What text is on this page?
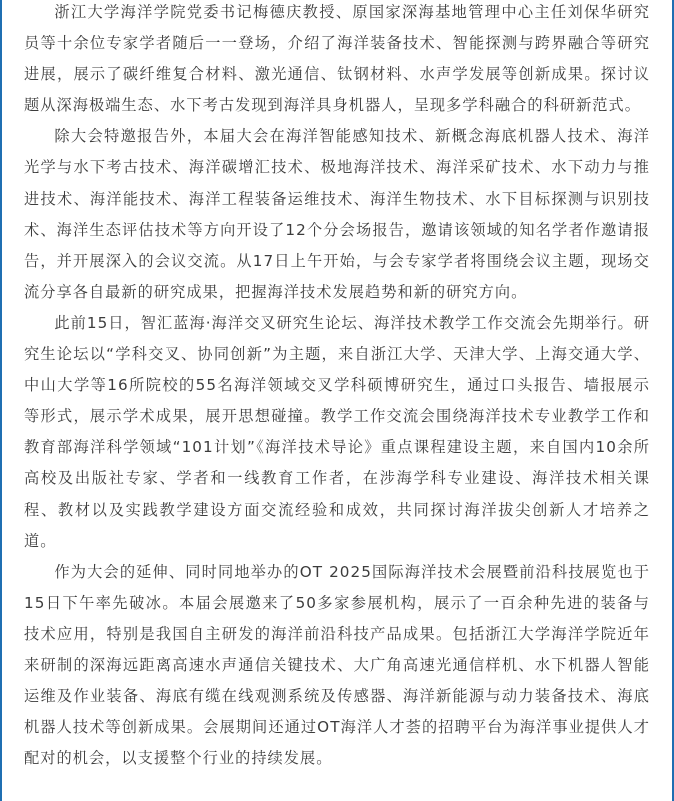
浙江大学海洋学院党委书记梅德庆教授、原国家深海基地管理中心主任刘保华研究员等十余位专家学者随后一一登场，介绍了海洋装备技术、智能探测与跨界融合等研究进展，展示了碳纤维复合材料、激光通信、钛钢材料、水声学发展等创新成果。探讨议题从深海极端生态、水下考古发现到海洋具身机器人，呈现多学科融合的科研新范式。

除大会特邀报告外，本届大会在海洋智能感知技术、新概念海底机器人技术、海洋光学与水下考古技术、海洋碳增汇技术、极地海洋技术、海洋采矿技术、水下动力与推进技术、海洋能技术、海洋工程装备运维技术、海洋生物技术、水下目标探测与识别技术、海洋生态评估技术等方向开设了12个分会场报告，邀请该领域的知名学者作邀请报告，并开展深入的会议交流。从17日上午开始，与会专家学者将围绕会议主题，现场交流分享各自最新的研究成果，把握海洋技术发展趋势和新的研究方向。

此前15日，智汇蓝海·海洋交叉研究生论坛、海洋技术教学工作交流会先期举行。研究生论坛以“学科交叉、协同创新”为主题，来自浙江大学、天津大学、上海交通大学、中山大学等16所院校的55名海洋领域交叉学科硕博研究生，通过口头报告、墙报展示等形式，展示学术成果，展开思想碰撞。教学工作交流会围绕海洋技术专业教学工作和教育部海洋科学领域“101计划”《海洋技术导论》重点课程建设主题，来自国内10余所高校及出版社专家、学者和一线教育工作者，在涉海学科专业建设、海洋技术相关课程、教材以及实践教学建设方面交流经验和成效，共同探讨海洋拔尖创新人才培养之道。

作为大会的延伸、同时同地举办的OT 2025国际海洋技术会展暨前沿科技展览也于15日下午率先破冰。本届会展邀来了50多家参展机构，展示了一百余种先进的装备与技术应用，特别是我国自主研发的海洋前沿科技产品成果。包括浙江大学海洋学院近年来研制的深海远距离高速水声通信关键技术、大广角高速光通信样机、水下机器人智能运维及作业装备、海底有缆在线观测系统及传感器、海洋新能源与动力装备技术、海底机器人技术等创新成果。会展期间还通过OT海洋人才荟的招聘平台为海洋事业提供人才配对的机会，以支援整个行业的持续发展。
